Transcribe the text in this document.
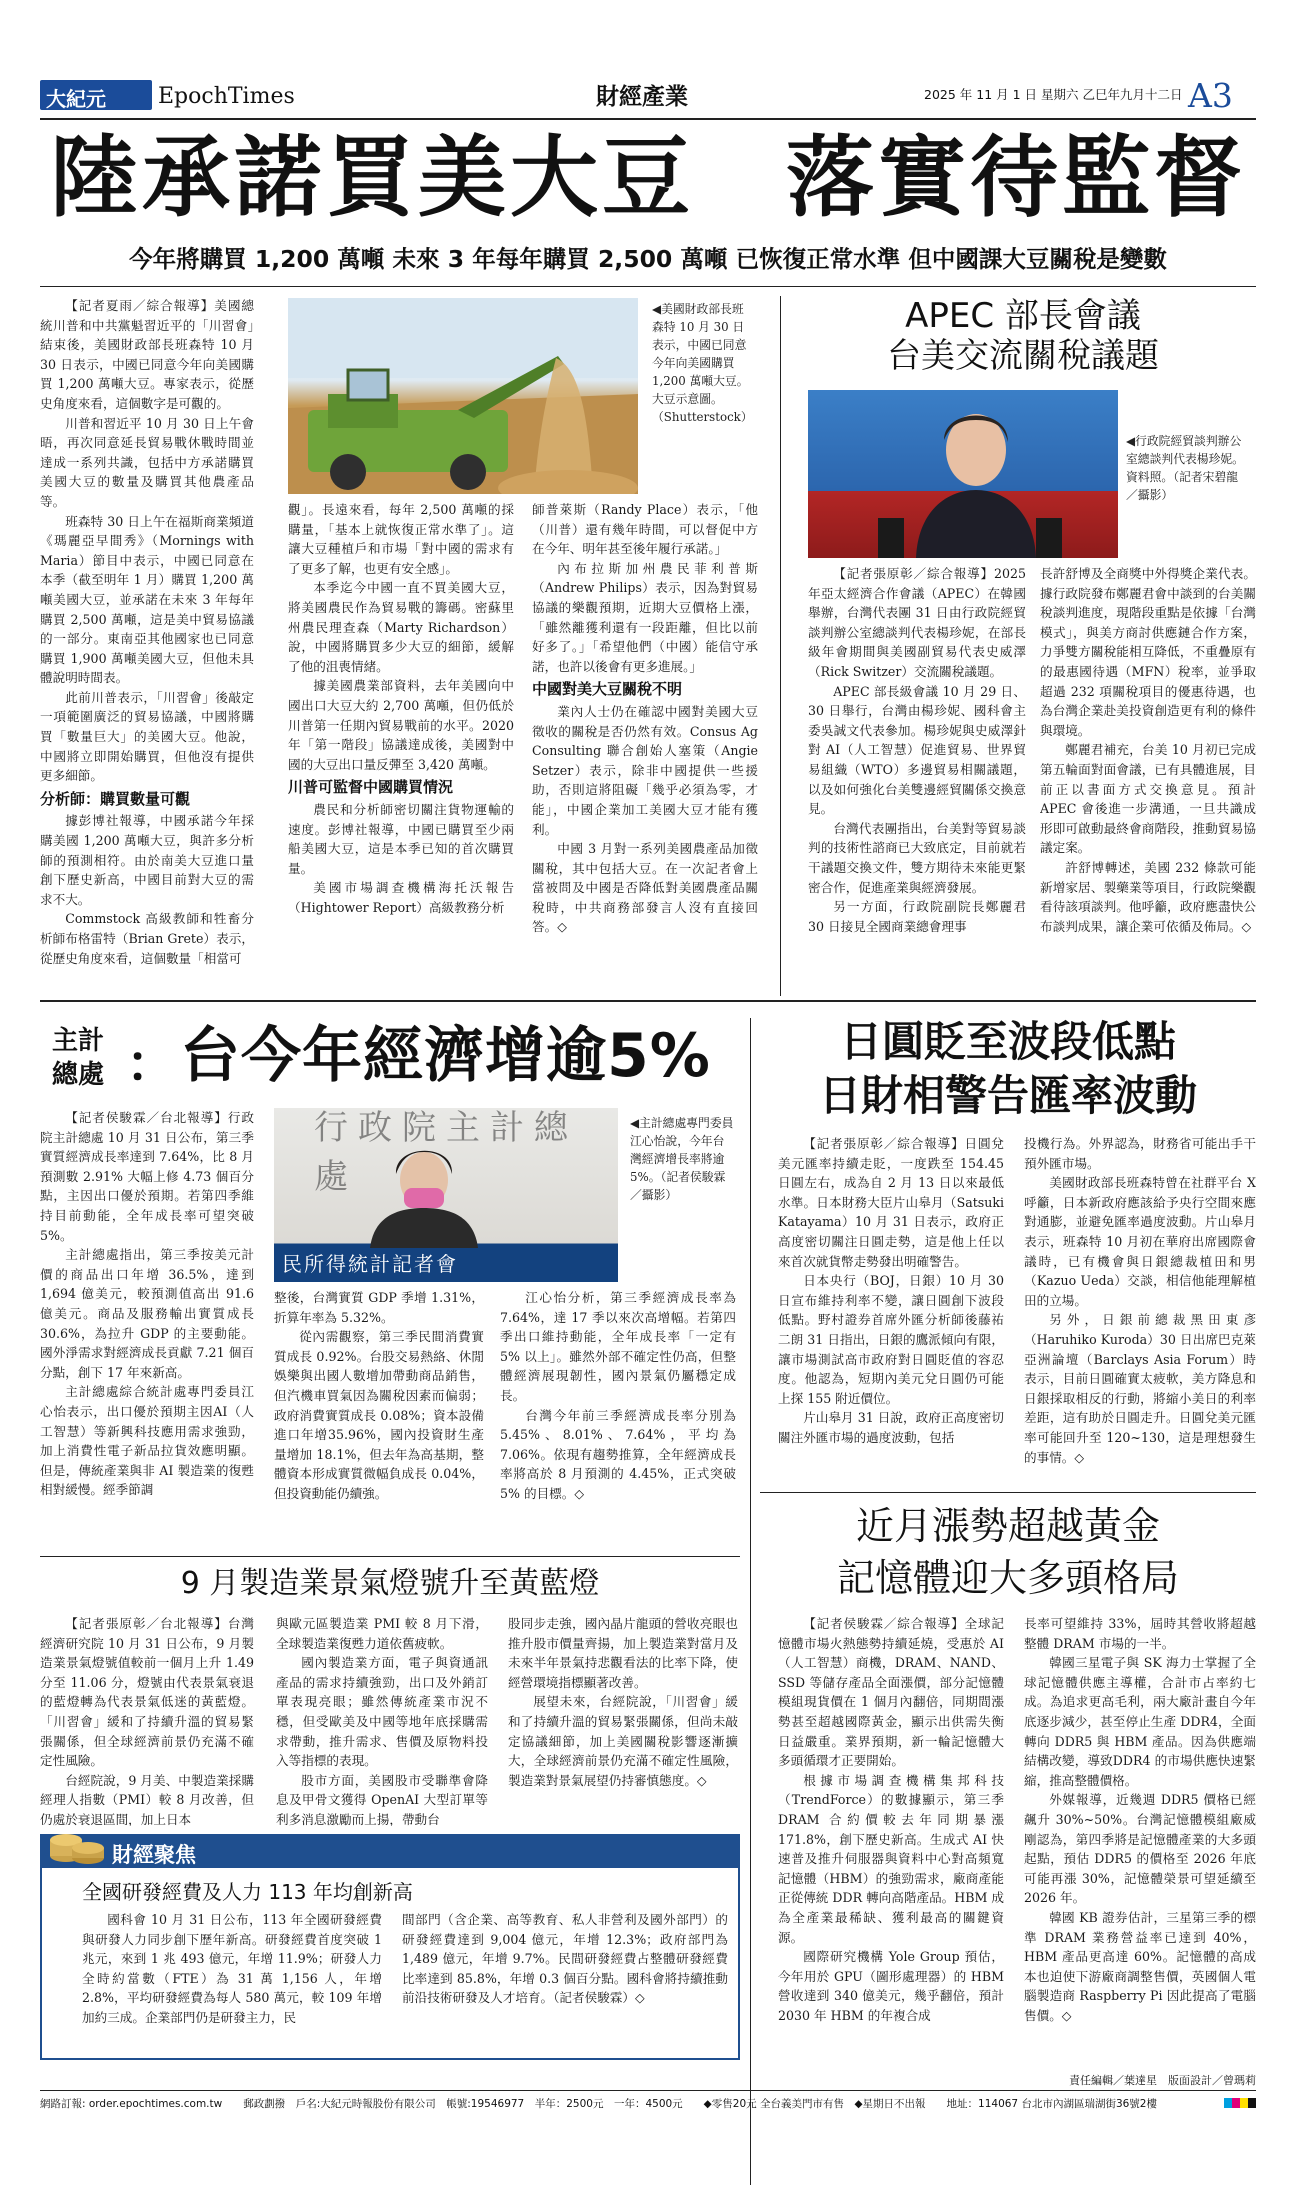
大紀元 EpochTimes	財經產業	2025 年 11 月 1 日 星期六 乙巳年九月十二日 A3
陸承諾買美大豆　落實待監督
今年將購買 1,200 萬噸 未來 3 年每年購買 2,500 萬噸 已恢復正常水準 但中國課大豆關稅是變數

【記者夏雨／綜合報導】美國總統川普和中共黨魁習近平的「川習會」結束後，美國財政部長班森特 10 月 30 日表示，中國已同意今年向美國購買 1,200 萬噸大豆。專家表示，從歷史角度來看，這個數字是可觀的。

川普和習近平 10 月 30 日上午會晤，再次同意延長貿易戰休戰時間並達成一系列共識，包括中方承諾購買美國大豆的數量及購買其他農產品等。

班森特 30 日上午在福斯商業頻道《瑪麗亞早間秀》（Mornings with Maria）節目中表示，中國已同意在本季（截至明年 1 月）購買 1,200 萬噸美國大豆，並承諾在未來 3 年每年購買 2,500 萬噸，這是美中貿易協議的一部分。東南亞其他國家也已同意購買 1,900 萬噸美國大豆，但他未具體說明時間表。

此前川普表示，「川習會」後敲定一項範圍廣泛的貿易協議，中國將購買「數量巨大」的美國大豆。他說，中國將立即開始購買，但他沒有提供更多細節。

分析師：購買數量可觀

據彭博社報導，中國承諾今年採購美國 1,200 萬噸大豆，與許多分析師的預測相符。由於南美大豆進口量創下歷史新高，中國目前對大豆的需求不大。

Commstock 高級教師和牲畜分析師布格雷特（Brian Grete）表示，從歷史角度來看，這個數量「相當可

◀美國財政部長班森特 10 月 30 日表示，中國已同意今年向美國購買 1,200 萬噸大豆。大豆示意圖。（Shutterstock）

觀」。長遠來看，每年 2,500 萬噸的採購量，「基本上就恢復正常水準了」。這讓大豆種植戶和市場「對中國的需求有了更多了解，也更有安全感」。

本季迄今中國一直不買美國大豆，將美國農民作為貿易戰的籌碼。密蘇里州農民理查森（Marty Richardson）說，中國將購買多少大豆的細節，緩解了他的沮喪情緒。

據美國農業部資料，去年美國向中國出口大豆大約 2,700 萬噸，但仍低於川普第一任期內貿易戰前的水平。2020 年「第一階段」協議達成後，美國對中國的大豆出口量反彈至 3,420 萬噸。

川普可監督中國購買情況

農民和分析師密切關注貨物運輸的速度。彭博社報導，中國已購買至少兩船美國大豆，這是本季已知的首次購買量。

美國市場調查機構海托沃報告（Hightower Report）高級教務分析

師普萊斯（Randy Place）表示，「他（川普）還有幾年時間，可以督促中方在今年、明年甚至後年履行承諾。」

內布拉斯加州農民菲利普斯（Andrew Philips）表示，因為對貿易協議的樂觀預期，近期大豆價格上漲，「雖然離獲利還有一段距離，但比以前好多了。」「希望他們（中國）能信守承諾，也許以後會有更多進展。」

中國對美大豆關稅不明

業內人士仍在確認中國對美國大豆徵收的關稅是否仍然有效。Consus Ag Consulting 聯合創始人塞策（Angie Setzer）表示，除非中國提供一些援助，否則這將阻礙「幾乎必須為零，才能」，中國企業加工美國大豆才能有獲利。

中國 3 月對一系列美國農產品加徵關稅，其中包括大豆。在一次記者會上當被問及中國是否降低對美國農產品關稅時，中共商務部發言人沒有直接回答。◇

APEC 部長會議
台美交流關稅議題
◀行政院經貿談判辦公室總談判代表楊珍妮。資料照。（記者宋碧龍／攝影）

【記者張原彰／綜合報導】2025 年亞太經濟合作會議（APEC）在韓國舉辦，台灣代表團 31 日由行政院經貿談判辦公室總談判代表楊珍妮，在部長級年會期間與美國副貿易代表史威澤（Rick Switzer）交流關稅議題。

APEC 部長級會議 10 月 29 日、30 日舉行，台灣由楊珍妮、國科會主委吳誠文代表參加。楊珍妮與史威澤針對 AI（人工智慧）促進貿易、世界貿易組織（WTO）多邊貿易相關議題，以及如何強化台美雙邊經貿關係交換意見。

台灣代表團指出，台美對等貿易談判的技術性諮商已大致底定，目前就若干議題交換文件，雙方期待未來能更緊密合作，促進產業與經濟發展。

另一方面，行政院副院長鄭麗君 30 日接見全國商業總會理事

長許舒博及全商獎中外得獎企業代表。據行政院發布鄭麗君會中談到的台美關稅談判進度，現階段重點是依據「台灣模式」，與美方商討供應鏈合作方案，力爭雙方關稅能相互降低，不重疊原有的最惠國待遇（MFN）稅率，並爭取超過 232 項關稅項目的優惠待遇，也為台灣企業赴美投資創造更有利的條件與環境。

鄭麗君補充，台美 10 月初已完成第五輪面對面會議，已有具體進展，目前正以書面方式交換意見。預計 APEC 會後進一步溝通，一旦共識成形即可啟動最終會商階段，推動貿易協議定案。

許舒博轉述，美國 232 條款可能新增家居、製藥業等項目，行政院樂觀看待該項談判。他呼籲，政府應盡快公布談判成果，讓企業可依循及佈局。◇

主計
總處 ： 台今年經濟增逾5%

【記者侯駿霖／台北報導】行政院主計總處 10 月 31 日公布，第三季實質經濟成長率達到 7.64%，比 8 月預測數 2.91% 大幅上修 4.73 個百分點，主因出口優於預期。若第四季維持目前動能，全年成長率可望突破 5%。

主計總處指出，第三季按美元計價的商品出口年增 36.5%，達到 1,694 億美元，較預測值高出 91.6 億美元。商品及服務輸出實質成長 30.6%，為拉升 GDP 的主要動能。國外淨需求對經濟成長貢獻 7.21 個百分點，創下 17 年來新高。

主計總處綜合統計處專門委員江心怡表示，出口優於預期主因AI（人工智慧）等新興科技應用需求強勁，加上消費性電子新品拉貨效應明顯。但是，傳統產業與非 AI 製造業的復甦相對緩慢。經季節調

行政院主計總處
民所得統計記者會
◀主計總處專門委員江心怡說，今年台灣經濟增長率將逾 5%。（記者侯駿霖／攝影）

整後，台灣實質 GDP 季增 1.31%，折算年率為 5.32%。

從內需觀察，第三季民間消費實質成長 0.92%。台股交易熱絡、休閒娛樂與出國人數增加帶動商品銷售，但汽機車買氣因為關稅因素而偏弱；政府消費實質成長 0.08%；資本設備進口年增35.96%，國內投資財生產量增加 18.1%，但去年為高基期，整體資本形成實質微幅負成長 0.04%，但投資動能仍續強。

江心怡分析，第三季經濟成長率為 7.64%，達 17 季以來次高增幅。若第四季出口維持動能，全年成長率「一定有 5% 以上」。雖然外部不確定性仍高，但整體經濟展現韌性，國內景氣仍屬穩定成長。

台灣今年前三季經濟成長率分別為 5.45%、8.01%、7.64%，平均為 7.06%。依現有趨勢推算，全年經濟成長率將高於 8 月預測的 4.45%，正式突破 5% 的目標。◇

日圓貶至波段低點
日財相警告匯率波動

【記者張原彰／綜合報導】日圓兌美元匯率持續走貶，一度跌至 154.45 日圓左右，成為自 2 月 13 日以來最低水準。日本財務大臣片山皋月（Satsuki Katayama）10 月 31 日表示，政府正高度密切關注日圓走勢，這是他上任以來首次就貨幣走勢發出明確警告。

日本央行（BOJ，日銀）10 月 30 日宣布維持利率不變，讓日圓創下波段低點。野村證券首席外匯分析師後藤祐二朗 31 日指出，日銀的鷹派傾向有限，讓市場測試高市政府對日圓貶值的容忍度。他認為，短期內美元兌日圓仍可能上探 155 附近價位。

片山皋月 31 日說，政府正高度密切關注外匯市場的過度波動，包括

投機行為。外界認為，財務省可能出手干預外匯市場。

美國財政部長班森特曾在社群平台 X 呼籲，日本新政府應該給予央行空間來應對通膨，並避免匯率過度波動。片山皋月表示，班森特 10 月初在華府出席國際會議時，已有機會與日銀總裁植田和男（Kazuo Ueda）交談，相信他能理解植田的立場。

另外，日銀前總裁黑田東彥（Haruhiko Kuroda）30 日出席巴克萊亞洲論壇（Barclays Asia Forum）時表示，目前日圓確實太疲軟，美方降息和日銀採取相反的行動，將縮小美日的利率差距，這有助於日圓走升。日圓兌美元匯率可能回升至 120~130，這是理想發生的事情。◇

9 月製造業景氣燈號升至黃藍燈

【記者張原彰／台北報導】台灣經濟研究院 10 月 31 日公布，9 月製造業景氣燈號值較前一個月上升 1.49 分至 11.06 分，燈號由代表景氣衰退的藍燈轉為代表景氣低迷的黃藍燈。「川習會」緩和了持續升溫的貿易緊張關係，但全球經濟前景仍充滿不確定性風險。

台經院說，9 月美、中製造業採購經理人指數（PMI）較 8 月改善，但仍處於衰退區間，加上日本

與歐元區製造業 PMI 較 8 月下滑，全球製造業復甦力道依舊疲軟。

國內製造業方面，電子與資通訊產品的需求持續強勁，出口及外銷訂單表現亮眼；雖然傳統產業市況不穩，但受歐美及中國等地年底採購需求帶動，推升需求、售價及原物料投入等指標的表現。

股市方面，美國股市受聯準會降息及甲骨文獲得 OpenAI 大型訂單等利多消息激勵而上揚，帶動台

股同步走強，國內晶片龍頭的營收亮眼也推升股市價量齊揚，加上製造業對當月及未來半年景氣持悲觀看法的比率下降，使經營環境指標顯著改善。

展望未來，台經院說，「川習會」緩和了持續升溫的貿易緊張關係，但尚未敲定協議細節，加上美國關稅影響逐漸擴大，全球經濟前景仍充滿不確定性風險，製造業對景氣展望仍持審慎態度。◇

財經聚焦
全國研發經費及人力 113 年均創新高

國科會 10 月 31 日公布，113 年全國研發經費與研發人力同步創下歷年新高。研發經費首度突破 1 兆元，來到 1 兆 493 億元，年增 11.9%；研發人力全時約當數（FTE）為 31 萬 1,156 人，年增 2.8%，平均研發經費為每人 580 萬元，較 109 年增加約三成。企業部門仍是研發主力，民

間部門（含企業、高等教育、私人非營利及國外部門）的研發經費達到 9,004 億元，年增 12.3%；政府部門為 1,489 億元，年增 9.7%。民間研發經費占整體研發經費比率達到 85.8%，年增 0.3 個百分點。國科會將持續推動前沿技術研發及人才培育。（記者侯駿霖）◇

近月漲勢超越黃金
記憶體迎大多頭格局

【記者侯駿霖／綜合報導】全球記憶體市場火熱態勢持續延燒，受惠於 AI（人工智慧）商機，DRAM、NAND、SSD 等儲存產品全面漲價，部分記憶體模組現貨價在 1 個月內翻倍，同期間漲勢甚至超越國際黃金，顯示出供需失衡日益嚴重。業界預期，新一輪記憶體大多頭循環才正要開始。

根據市場調查機構集邦科技（TrendForce）的數據顯示，第三季 DRAM 合約價較去年同期暴漲 171.8%，創下歷史新高。生成式 AI 快速普及推升伺服器與資料中心對高頻寬記憶體（HBM）的強勁需求，廠商產能正從傳統 DDR 轉向高階產品。HBM 成為全產業最稀缺、獲利最高的關鍵資源。

國際研究機構 Yole Group 預估，今年用於 GPU（圖形處理器）的 HBM 營收達到 340 億美元，幾乎翻倍，預計 2030 年 HBM 的年複合成

長率可望維持 33%，屆時其營收將超越整體 DRAM 市場的一半。

韓國三星電子與 SK 海力士掌握了全球記憶體供應主導權，合計市占率約七成。為追求更高毛利，兩大廠計畫自今年底逐步減少，甚至停止生產 DDR4，全面轉向 DDR5 與 HBM 產品。因為供應端結構改變，導致DDR4 的市場供應快速緊縮，推高整體價格。

外媒報導，近幾週 DDR5 價格已經飆升 30%~50%。台灣記憶體模組廠威剛認為，第四季將是記憶體產業的大多頭起點，預估 DDR5 的價格至 2026 年底可能再漲 30%，記憶體榮景可望延續至 2026 年。

韓國 KB 證券估計，三星第三季的標準 DRAM 業務營益率已達到 40%，HBM 產品更高達 60%。記憶體的高成本也迫使下游廠商調整售價，英國個人電腦製造商 Raspberry Pi 因此提高了電腦售價。◇

責任編輯／葉達星　版面設計／曾瑪莉
網路訂報: order.epochtimes.com.tw　　郵政劃撥　戶名:大紀元時報股份有限公司　帳號:19546977　半年：2500元　一年：4500元　　◆零售20元 全台義美門市有售　◆星期日不出報　　地址：114067 台北市內湖區瑞湖街36號2樓
